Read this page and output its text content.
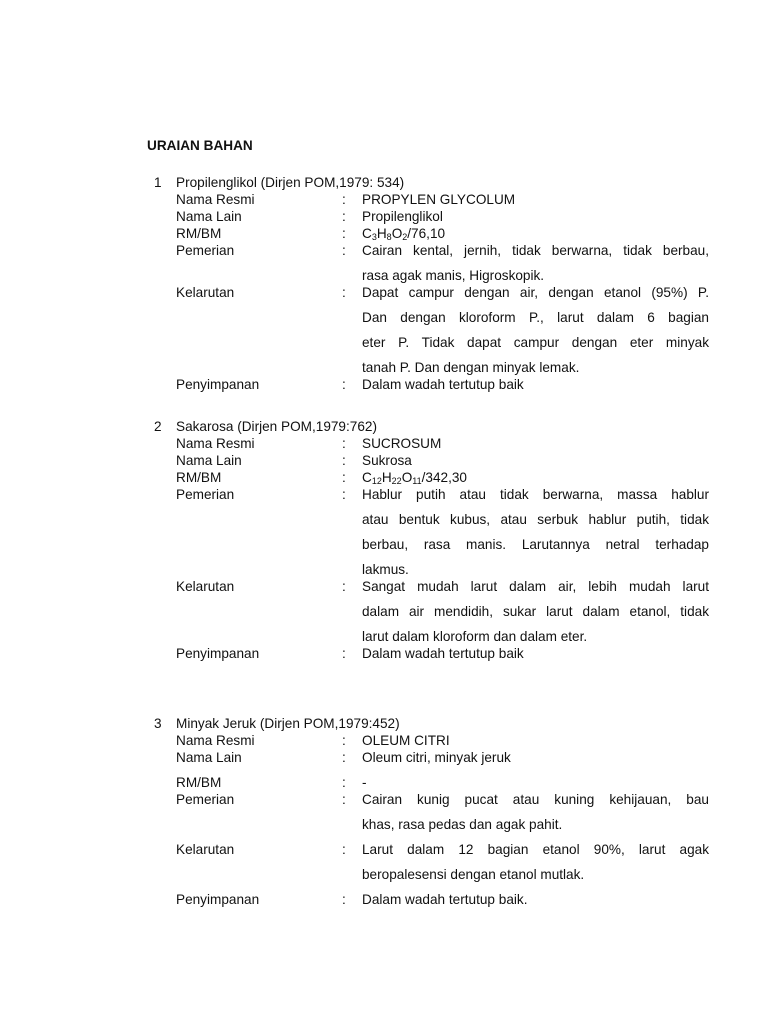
URAIAN BAHAN
1	Propilenglikol (Dirjen POM,1979: 534)
Nama Resmi	:	PROPYLEN GLYCOLUM
Nama Lain	:	Propilenglikol
RM/BM	:	$C_3H_8O_2/76,10$
Pemerian	:	Cairan kental, jernih, tidak berwarna, tidak berbau,
rasa agak manis, Higroskopik.
Kelarutan	:	Dapat campur dengan air, dengan etanol (95%) P.
Dan dengan kloroform P., larut dalam 6 bagian
eter P. Tidak dapat campur dengan eter minyak
tanah P. Dan dengan minyak lemak.
Penyimpanan	:	Dalam wadah tertutup baik
2	Sakarosa (Dirjen POM,1979:762)
Nama Resmi	:	SUCROSUM
Nama Lain	:	Sukrosa
RM/BM	:	$C_{12}H_{22}O_{11}/342,30$
Pemerian	:	Hablur putih atau tidak berwarna, massa hablur
atau bentuk kubus, atau serbuk hablur putih, tidak
berbau, rasa manis. Larutannya netral terhadap
lakmus.
Kelarutan	:	Sangat mudah larut dalam air, lebih mudah larut
dalam air mendidih, sukar larut dalam etanol, tidak
larut dalam kloroform dan dalam eter.
Penyimpanan	:	Dalam wadah tertutup baik
3	Minyak Jeruk (Dirjen POM,1979:452)
Nama Resmi	:	OLEUM CITRI
Nama Lain	:	Oleum citri, minyak jeruk
RM/BM	:	-
Pemerian	:	Cairan kunig pucat atau kuning kehijauan, bau
khas, rasa pedas dan agak pahit.
Kelarutan	:	Larut dalam 12 bagian etanol 90%, larut agak
beropalesensi dengan etanol mutlak.
Penyimpanan	:	Dalam wadah tertutup baik.
